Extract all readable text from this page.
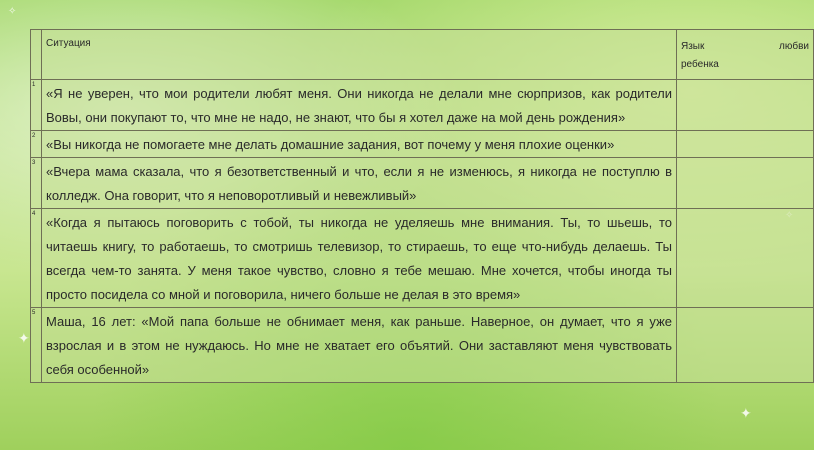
✦
✦
✧
	Ситуация	Язык любви
ребенка

1	«Я не уверен, что мои родители любят меня. Они никогда не делали мне сюрпризов, как родители Вовы, они покупают то, что мне не надо, не знают, что бы я хотел даже на мой день рождения»	
2	«Вы никогда не помогаете мне делать домашние задания, вот почему у меня плохие оценки»	
3	«Вчера мама сказала, что я безответственный и что, если я не изменюсь, я никогда не поступлю в колледж. Она говорит, что я неповоротливый и невежливый»	
4	«Когда я пытаюсь поговорить с тобой, ты никогда не уделяешь мне внимания. Ты, то шьешь, то читаешь книгу, то работаешь, то смотришь телевизор, то стираешь, то еще что-нибудь делаешь. Ты всегда чем-то занята. У меня такое чувство, словно я тебе мешаю. Мне хочется, чтобы иногда ты просто посидела со мной и поговорила, ничего больше не делая в это время»	
5	Маша, 16 лет: «Мой папа больше не обнимает меня, как раньше. Наверное, он думает, что я уже взрослая и в этом не нуждаюсь. Но мне не хватает его объятий. Они заставляют меня чувствовать себя особенной»	
